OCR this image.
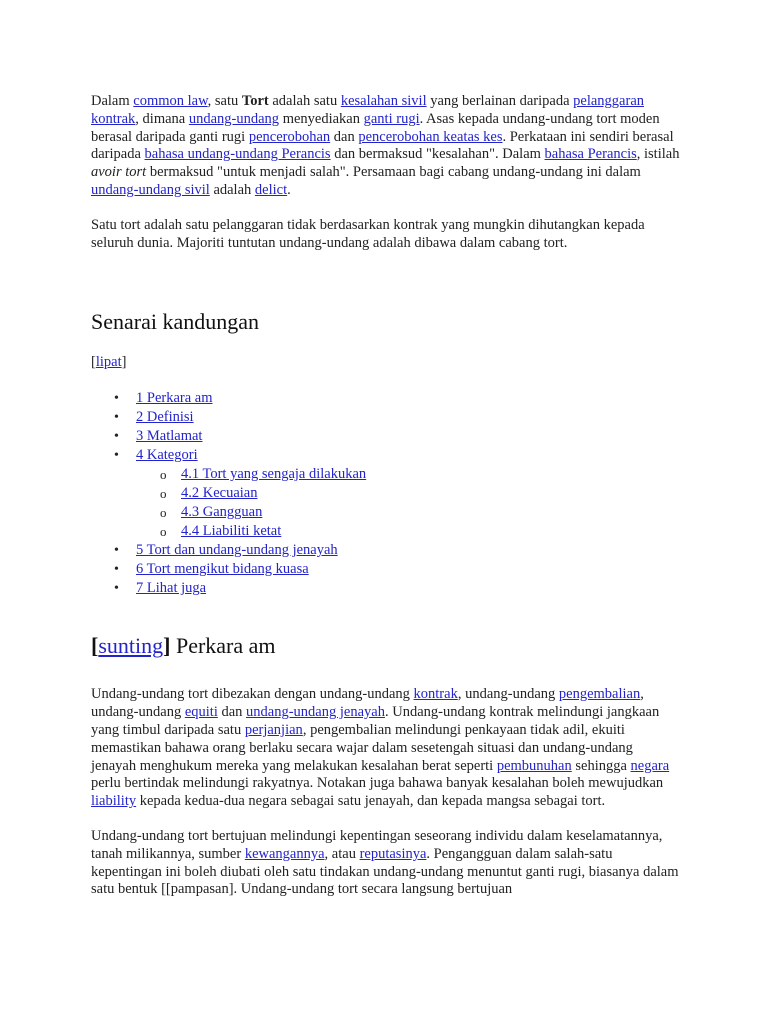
Dalam common law, satu Tort adalah satu kesalahan sivil yang berlainan daripada pelanggaran kontrak, dimana undang-undang menyediakan ganti rugi. Asas kepada undang-undang tort moden berasal daripada ganti rugi pencerobohan dan pencerobohan keatas kes. Perkataan ini sendiri berasal daripada bahasa undang-undang Perancis dan bermaksud "kesalahan". Dalam bahasa Perancis, istilah avoir tort bermaksud "untuk menjadi salah". Persamaan bagi cabang undang-undang ini dalam undang-undang sivil adalah delict.

Satu tort adalah satu pelanggaran tidak berdasarkan kontrak yang mungkin dihutangkan kepada seluruh dunia. Majoriti tuntutan undang-undang adalah dibawa dalam cabang tort.

Senarai kandungan
[lipat]
• 1 Perkara am
• 2 Definisi
• 3 Matlamat
• 4 Kategori
o 4.1 Tort yang sengaja dilakukan
o 4.2 Kecuaian
o 4.3 Gangguan
o 4.4 Liabiliti ketat
• 5 Tort dan undang-undang jenayah
• 6 Tort mengikut bidang kuasa
• 7 Lihat juga
[sunting] Perkara am

Undang-undang tort dibezakan dengan undang-undang kontrak, undang-undang pengembalian, undang-undang equiti dan undang-undang jenayah. Undang-undang kontrak melindungi jangkaan yang timbul daripada satu perjanjian, pengembalian melindungi penkayaan tidak adil, ekuiti memastikan bahawa orang berlaku secara wajar dalam sesetengah situasi dan undang-undang jenayah menghukum mereka yang melakukan kesalahan berat seperti pembunuhan sehingga negara perlu bertindak melindungi rakyatnya. Notakan juga bahawa banyak kesalahan boleh mewujudkan liability kepada kedua-dua negara sebagai satu jenayah, dan kepada mangsa sebagai tort.

Undang-undang tort bertujuan melindungi kepentingan seseorang individu dalam keselamatannya, tanah milikannya, sumber kewangannya, atau reputasinya. Pengangguan dalam salah-satu kepentingan ini boleh diubati oleh satu tindakan undang-undang menuntut ganti rugi, biasanya dalam satu bentuk [[pampasan]. Undang-undang tort secara langsung bertujuan
